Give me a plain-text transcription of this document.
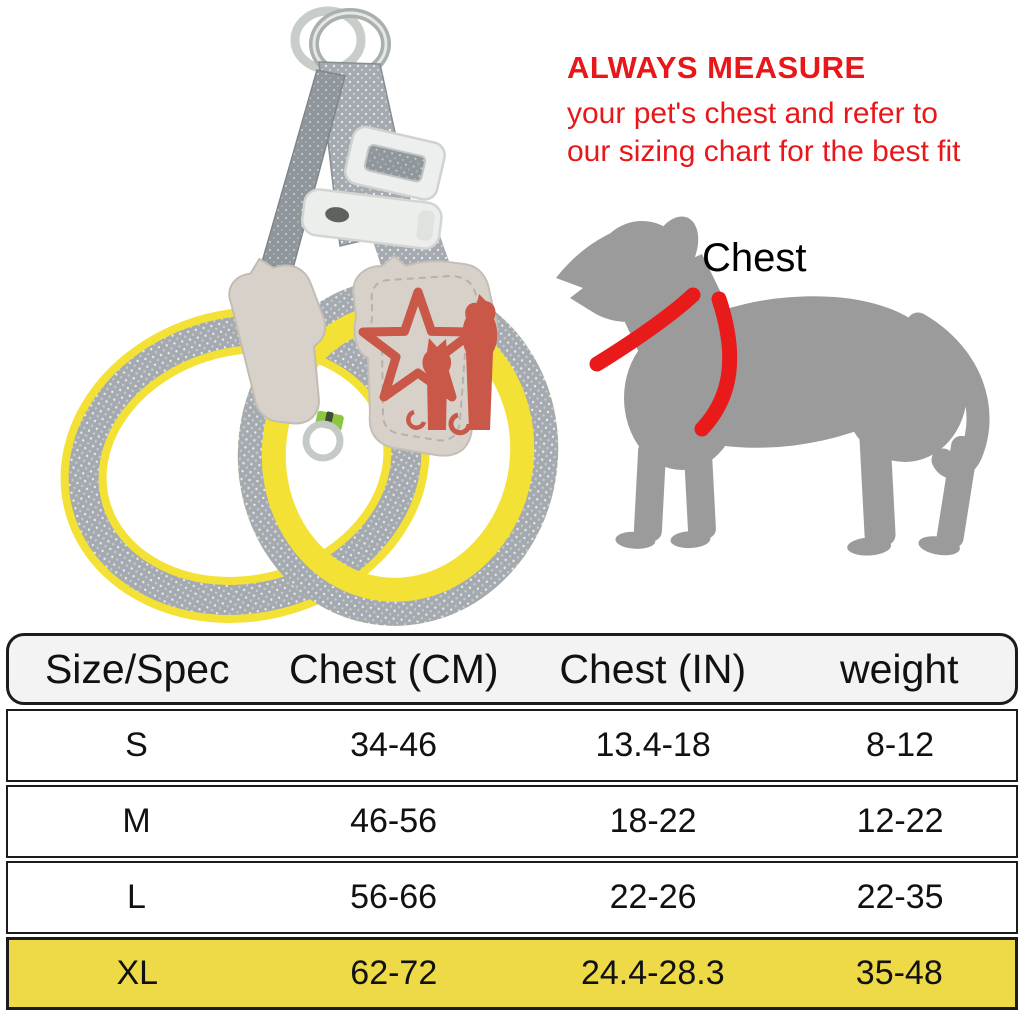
ALWAYS MEASURE
your pet's chest and refer to
our sizing chart for the best fit
Chest
Size/Spec	Chest (CM)	Chest (IN)	weight
S	34-46	13.4-18	8-12
M	46-56	18-22	12-22
L	56-66	22-26	22-35
XL	62-72	24.4-28.3	35-48
